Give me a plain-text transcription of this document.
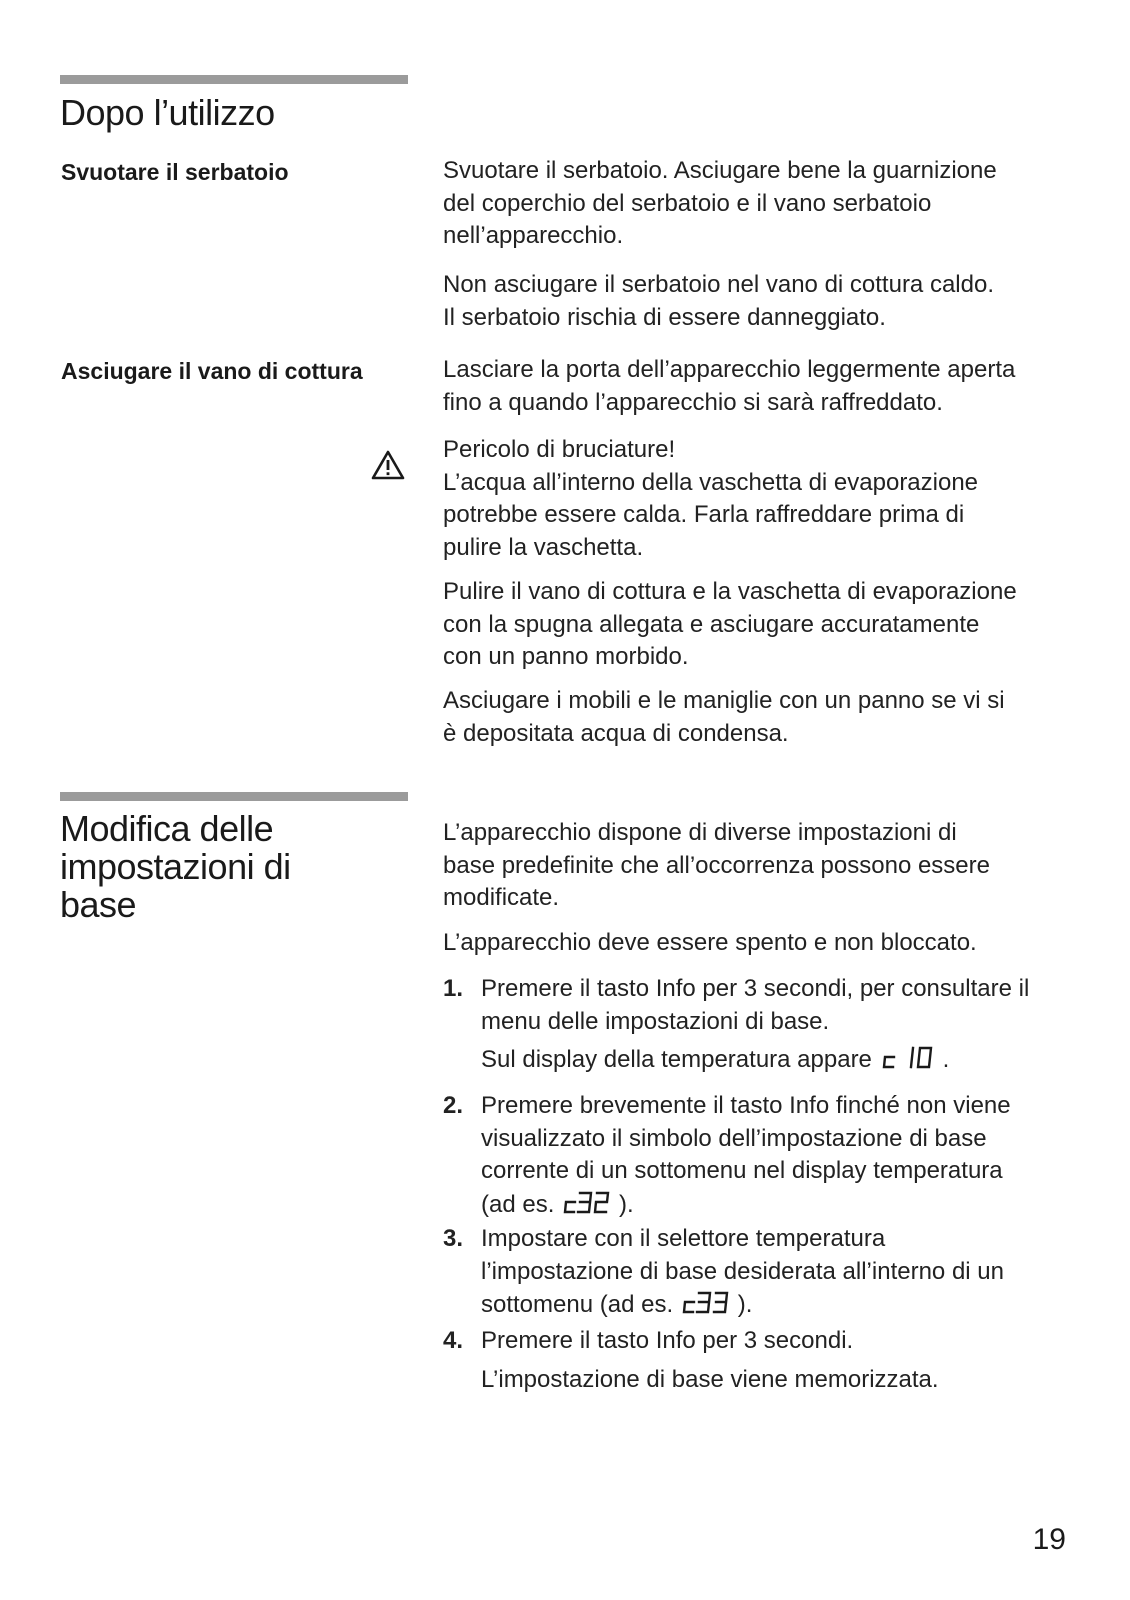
Dopo l’utilizzo
Svuotare il serbatoio	Svuotare il serbatoio. Asciugare bene la guarnizione
del coperchio del serbatoio e il vano serbatoio
nell’apparecchio.

Non asciugare il serbatoio nel vano di cottura caldo.
Il serbatoio rischia di essere danneggiato.

Asciugare il vano di cottura	Lasciare la porta dell’apparecchio leggermente aperta
fino a quando l’apparecchio si sarà raffreddato.

Pericolo di bruciature!
L’acqua all’interno della vaschetta di evaporazione
potrebbe essere calda. Farla raffreddare prima di
pulire la vaschetta.

Pulire il vano di cottura e la vaschetta di evaporazione
con la spugna allegata e asciugare accuratamente
con un panno morbido.

Asciugare i mobili e le maniglie con un panno se vi si
è depositata acqua di condensa.

Modifica delle
impostazioni di
base

L’apparecchio dispone di diverse impostazioni di
base predefinite che all’occorrenza possono essere
modificate.

L’apparecchio deve essere spento e non bloccato.

1. Premere il tasto Info per 3 secondi, per consultare il menu delle impostazioni di base.

Sul display della temperatura appare	.

2. Premere brevemente il tasto Info finché non viene
visualizzato il simbolo dell’impostazione di base
corrente di un sottomenu nel display temperatura
(ad es.	).

3. Impostare con il selettore temperatura
l’impostazione di base desiderata all’interno di un
sottomenu (ad es.	).

4. Premere il tasto Info per 3 secondi.

L’impostazione di base viene memorizzata.

19
